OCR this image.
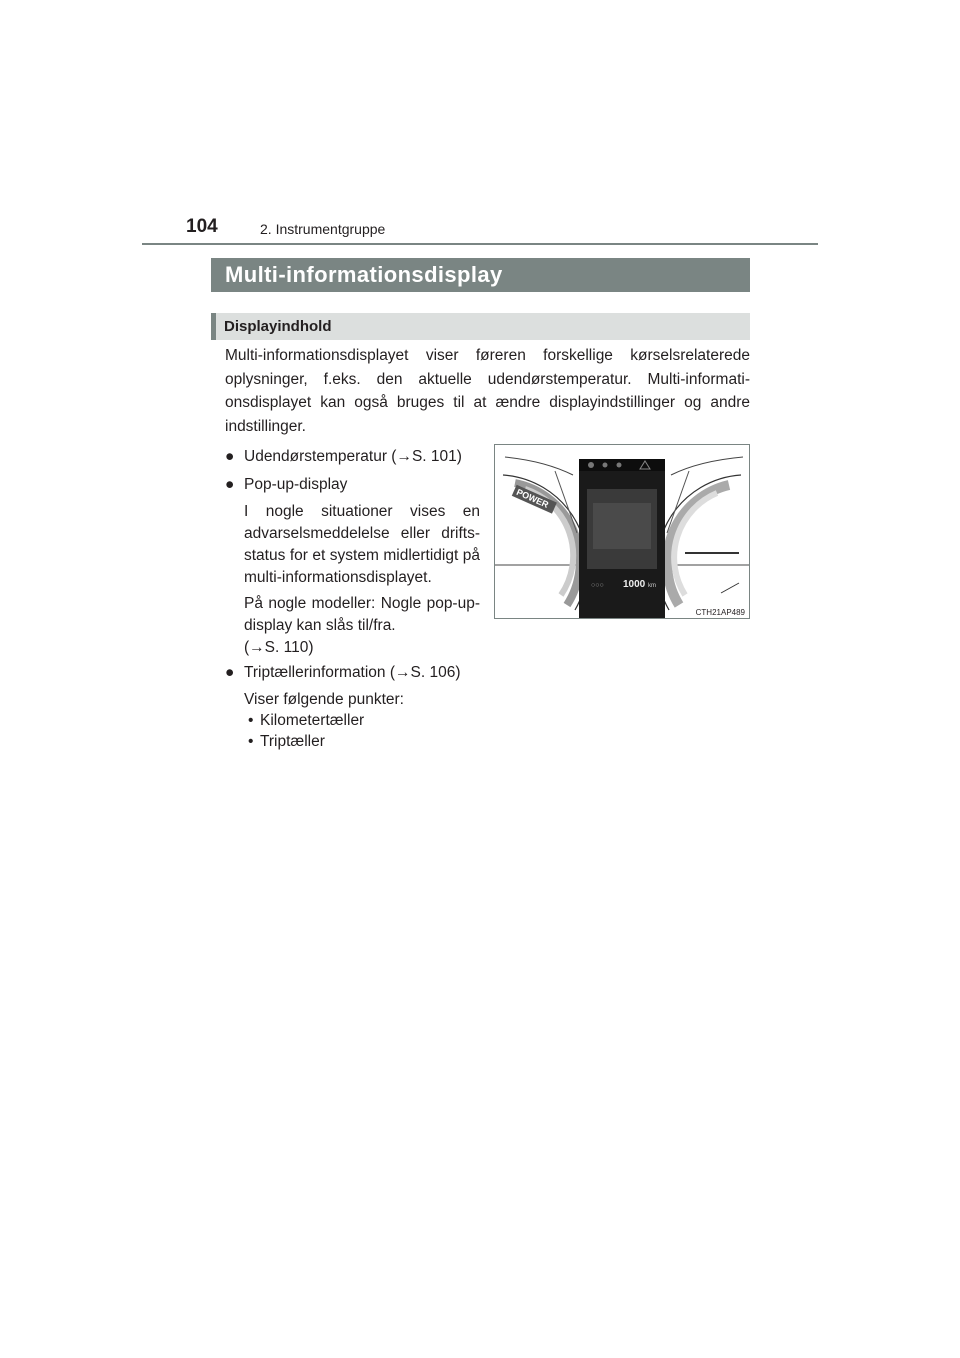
104	2. Instrumentgruppe
Multi-informationsdisplay
Displayindhold

Multi-informationsdisplayet viser føreren forskellige kørselsrelaterede oplysninger, f.eks. den aktuelle udendørstemperatur. Multi-informati-onsdisplayet kan også bruges til at ændre displayindstillinger og andre indstillinger.

● Udendørstemperatur (→S. 101)
● Pop-up-display
I nogle situationer vises en advarselsmeddelelse eller drifts-status for et system midlertidigt på multi-informationsdisplayet.
På nogle modeller: Nogle pop-up-display kan slås til/fra.
(→S. 110)
● Triptællerinformation (→S. 106)
Viser følgende punkter:
• Kilometertæller
• Triptæller
POWER
○○○ 1000 km
CTH21AP489
